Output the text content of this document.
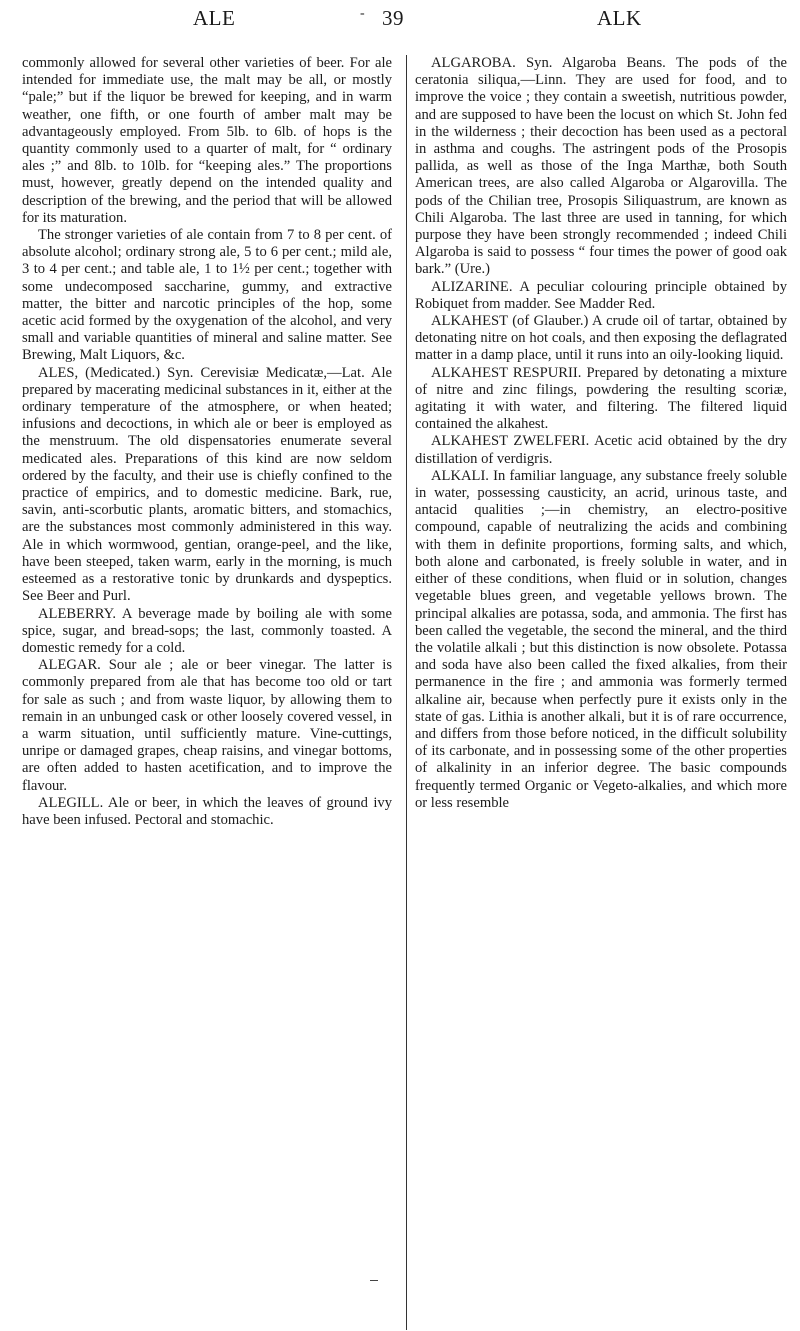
ALE	- 39	ALK

commonly allowed for several other varieties of beer. For ale intended for immediate use, the malt may be all, or mostly “pale;” but if the liquor be brewed for keeping, and in warm weather, one fifth, or one fourth of amber malt may be advantageously employed. From 5lb. to 6lb. of hops is the quantity commonly used to a quarter of malt, for “ ordinary ales ;” and 8lb. to 10lb. for “keeping ales.” The proportions must, however, greatly depend on the intended quality and description of the brewing, and the period that will be allowed for its maturation.

The stronger varieties of ale contain from 7 to 8 per cent. of absolute alcohol; ordinary strong ale, 5 to 6 per cent.; mild ale, 3 to 4 per cent.; and table ale, 1 to 1½ per cent.; together with some undecomposed saccharine, gummy, and extractive matter, the bitter and narcotic principles of the hop, some acetic acid formed by the oxygenation of the alcohol, and very small and variable quantities of mineral and saline matter. See Brewing, Malt Liquors, &c.

ALES, (Medicated.) Syn. Cerevisiæ Medicatæ,—Lat. Ale prepared by macerating medicinal substances in it, either at the ordinary temperature of the atmosphere, or when heated; infusions and decoctions, in which ale or beer is employed as the menstruum. The old dispensatories enumerate several medicated ales. Preparations of this kind are now seldom ordered by the faculty, and their use is chiefly confined to the practice of empirics, and to domestic medicine. Bark, rue, savin, anti-scorbutic plants, aromatic bitters, and stomachics, are the substances most commonly administered in this way. Ale in which wormwood, gentian, orange-peel, and the like, have been steeped, taken warm, early in the morning, is much esteemed as a restorative tonic by drunkards and dyspeptics. See Beer and Purl.

ALEBERRY. A beverage made by boiling ale with some spice, sugar, and bread-sops; the last, commonly toasted. A domestic remedy for a cold.

ALEGAR. Sour ale ; ale or beer vinegar. The latter is commonly prepared from ale that has become too old or tart for sale as such ; and from waste liquor, by allowing them to remain in an unbunged cask or other loosely covered vessel, in a warm situation, until sufficiently mature. Vine-cuttings, unripe or damaged grapes, cheap raisins, and vinegar bottoms, are often added to hasten acetification, and to improve the flavour.

ALEGILL. Ale or beer, in which the leaves of ground ivy have been infused. Pectoral and stomachic.

ALGAROBA. Syn. Algaroba Beans. The pods of the ceratonia siliqua,—Linn. They are used for food, and to improve the voice ; they contain a sweetish, nutritious powder, and are supposed to have been the locust on which St. John fed in the wilderness ; their decoction has been used as a pectoral in asthma and coughs. The astringent pods of the Prosopis pallida, as well as those of the Inga Marthæ, both South American trees, are also called Algaroba or Algarovilla. The pods of the Chilian tree, Prosopis Siliquastrum, are known as Chili Algaroba. The last three are used in tanning, for which purpose they have been strongly recommended ; indeed Chili Algaroba is said to possess “ four times the power of good oak bark.” (Ure.)

ALIZARINE. A peculiar colouring principle obtained by Robiquet from madder. See Madder Red.

ALKAHEST (of Glauber.) A crude oil of tartar, obtained by detonating nitre on hot coals, and then exposing the deflagrated matter in a damp place, until it runs into an oily-looking liquid.

ALKAHEST RESPURII. Prepared by detonating a mixture of nitre and zinc filings, powdering the resulting scoriæ, agitating it with water, and filtering. The filtered liquid contained the alkahest.

ALKAHEST ZWELFERI. Acetic acid obtained by the dry distillation of verdigris.

ALKALI. In familiar language, any substance freely soluble in water, possessing causticity, an acrid, urinous taste, and antacid qualities ;—in chemistry, an electro-positive compound, capable of neutralizing the acids and combining with them in definite proportions, forming salts, and which, both alone and carbonated, is freely soluble in water, and in either of these conditions, when fluid or in solution, changes vegetable blues green, and vegetable yellows brown. The principal alkalies are potassa, soda, and ammonia. The first has been called the vegetable, the second the mineral, and the third the volatile alkali ; but this distinction is now obsolete. Potassa and soda have also been called the fixed alkalies, from their permanence in the fire ; and ammonia was formerly termed alkaline air, because when perfectly pure it exists only in the state of gas. Lithia is another alkali, but it is of rare occurrence, and differs from those before noticed, in the difficult solubility of its carbonate, and in possessing some of the other properties of alkalinity in an inferior degree. The basic compounds frequently termed Organic or Vegeto-alkalies, and which more or less resemble
